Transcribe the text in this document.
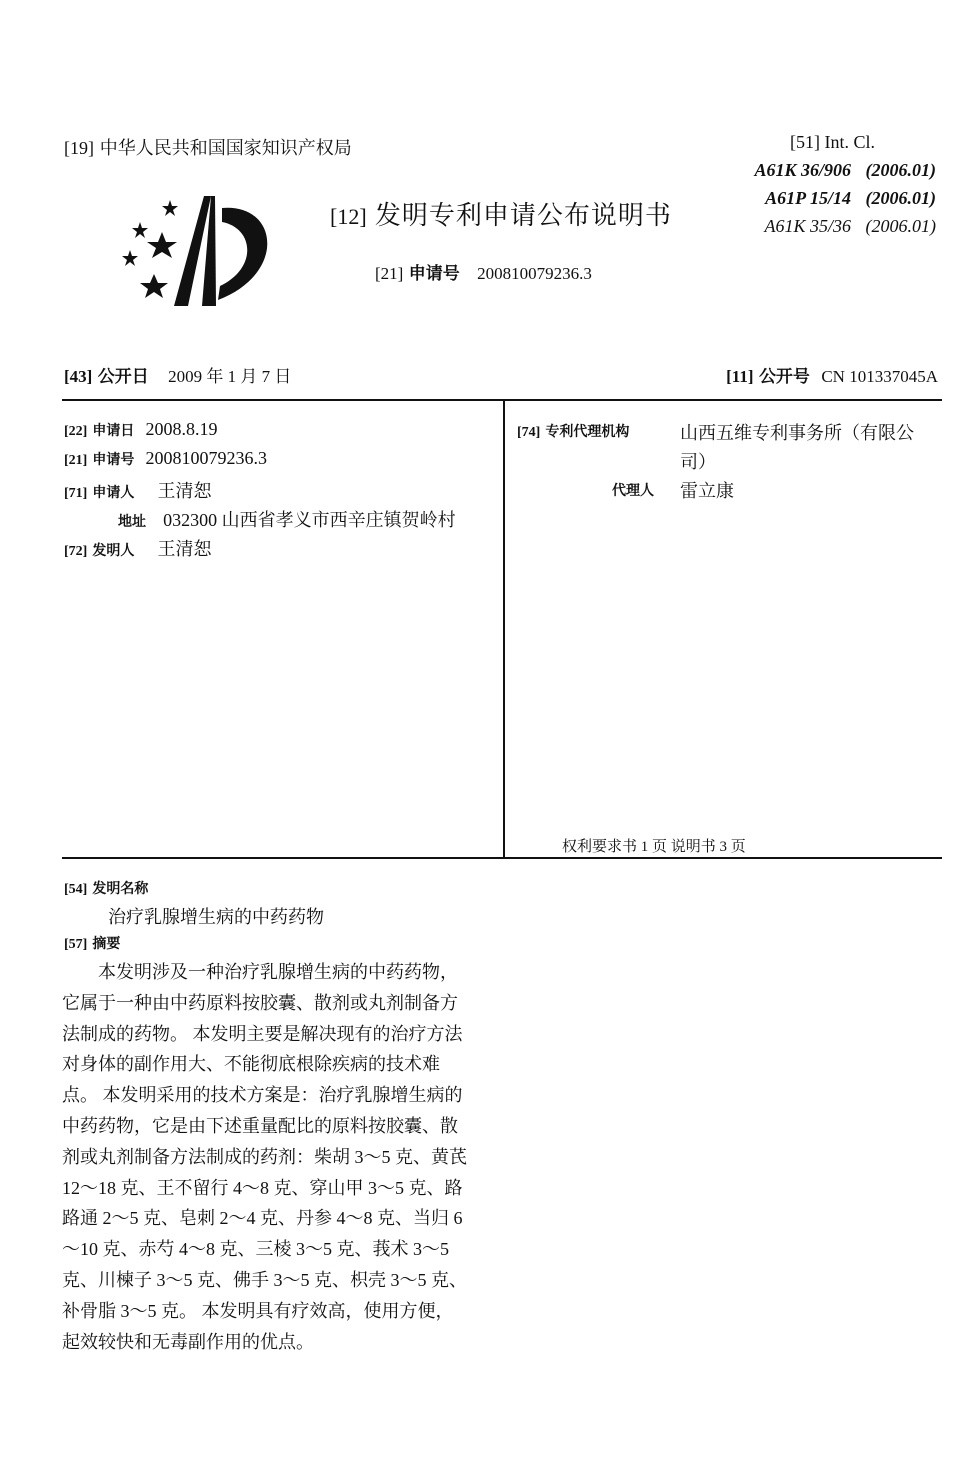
[19] 中华人民共和国国家知识产权局
[12] 发明专利申请公布说明书
[21] 申请号 200810079236.3
[51] Int. Cl.
A61K 36/906 (2006.01)
A61P 15/14 (2006.01)
A61K 35/36 (2006.01)
[43] 公开日 2009 年 1 月 7 日	[11] 公开号 CN 101337045A
[22] 申请日 2008.8.19
[21] 申请号 200810079236.3
[71] 申请人 王清恕
地址 032300 山西省孝义市西辛庄镇贺岭村
[72] 发明人 王清恕
[74] 专利代理机构	山西五维专利事务所（有限公
司）
代理人 雷立康
权利要求书 1 页 说明书 3 页
[54] 发明名称
治疗乳腺增生病的中药药物
[57] 摘要
本发明涉及一种治疗乳腺增生病的中药药物，
它属于一种由中药原料按胶囊、散剂或丸剂制备方
法制成的药物。 本发明主要是解决现有的治疗方法
对身体的副作用大、不能彻底根除疾病的技术难
点。 本发明采用的技术方案是：治疗乳腺增生病的
中药药物，它是由下述重量配比的原料按胶囊、散
剂或丸剂制备方法制成的药剂：柴胡 3～5 克、黄芪
12～18 克、王不留行 4～8 克、穿山甲 3～5 克、路
路通 2～5 克、皂刺 2～4 克、丹参 4～8 克、当归 6
～10 克、赤芍 4～8 克、三棱 3～5 克、莪术 3～5
克、川楝子 3～5 克、佛手 3～5 克、枳壳 3～5 克、
补骨脂 3～5 克。 本发明具有疗效高，使用方便，
起效较快和无毒副作用的优点。
